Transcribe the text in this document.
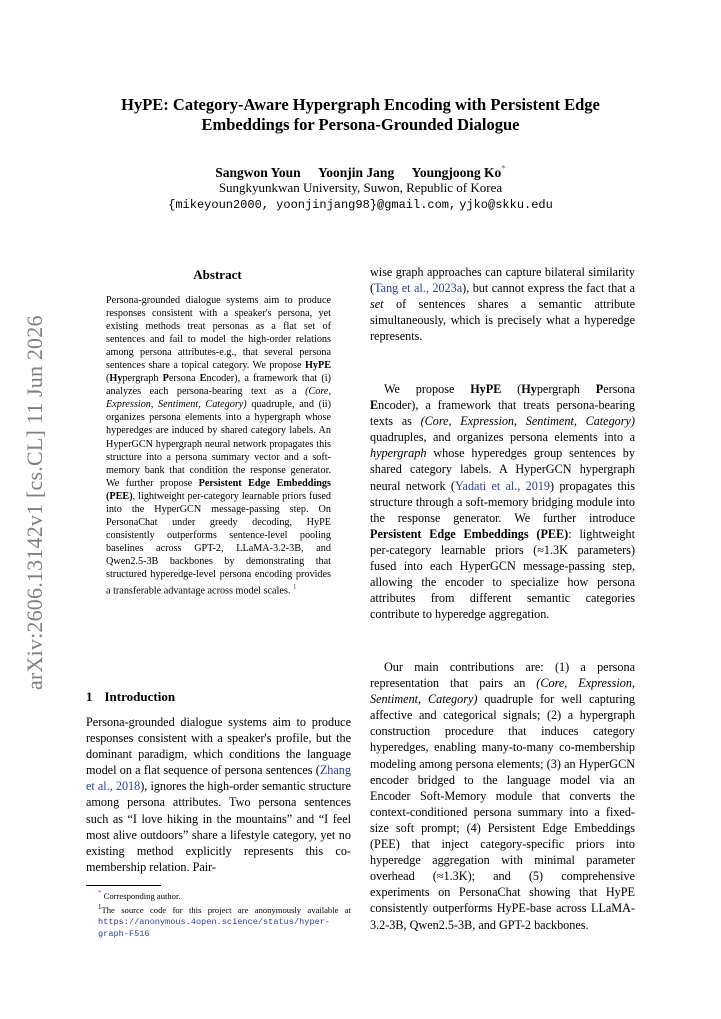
arXiv:2606.13142v1 [cs.CL] 11 Jun 2026
HyPE: Category-Aware Hypergraph Encoding with Persistent Edge
Embeddings for Persona-Grounded Dialogue
Sangwon Youn Yoonjin Jang Youngjoong Ko*
Sungkyunkwan University, Suwon, Republic of Korea
{mikeyoun2000, yoonjinjang98}@gmail.com, yjko@skku.edu
Abstract
Persona-grounded dialogue systems aim to produce responses consistent with a speaker's persona, yet existing methods treat personas as a flat set of sentences and fail to model the high-order relations among persona attributes-e.g., that several persona sentences share a topical category. We propose HyPE (Hypergraph Persona Encoder), a framework that (i) analyzes each persona-bearing text as a (Core, Expression, Sentiment, Category) quadruple, and (ii) organizes persona elements into a hypergraph whose hyperedges are induced by shared category labels. An HyperGCN hypergraph neural network propagates this structure into a persona summary vector and a soft-memory bank that condition the response generator. We further propose Persistent Edge Embeddings (PEE), lightweight per-category learnable priors fused into the HyperGCN message-passing step. On PersonaChat under greedy decoding, HyPE consistently outperforms sentence-level pooling baselines across GPT-2, LLaMA-3.2-3B, and Qwen2.5-3B backbones by demonstrating that structured hyperedge-level persona encoding provides a transferable advantage across model scales. $^1$
1 Introduction
Persona-grounded dialogue systems aim to produce responses consistent with a speaker's profile, but the dominant paradigm, which conditions the language model on a flat sequence of persona sentences (Zhang et al., 2018), ignores the high-order semantic structure among persona attributes. Two persona sentences such as “I love hiking in the mountains” and “I feel most alive outdoors” share a lifestyle category, yet no existing method explicitly represents this co-membership relation. Pair-
* Corresponding author.
$^1$The source code for this project are anonymously available at https://anonymous.4open.science/status/hyper-graph-F516
wise graph approaches can capture bilateral similarity (Tang et al., 2023a), but cannot express the fact that a set of sentences shares a semantic attribute simultaneously, which is precisely what a hyperedge represents.
We propose HyPE (Hypergraph Persona Encoder), a framework that treats persona-bearing texts as (Core, Expression, Sentiment, Category) quadruples, and organizes persona elements into a hypergraph whose hyperedges group sentences by shared category labels. A HyperGCN hypergraph neural network (Yadati et al., 2019) propagates this structure through a soft-memory bridging module into the response generator. We further introduce Persistent Edge Embeddings (PEE): lightweight per-category learnable priors (≈1.3K parameters) fused into each HyperGCN message-passing step, allowing the encoder to specialize how persona attributes from different semantic categories contribute to hyperedge aggregation.
Our main contributions are: (1) a persona representation that pairs an (Core, Expression, Sentiment, Category) quadruple for well capturing affective and categorical signals; (2) a hypergraph construction procedure that induces category hyperedges, enabling many-to-many co-membership modeling among persona elements; (3) an HyperGCN encoder bridged to the language model via an Encoder Soft-Memory module that converts the context-conditioned persona summary into a fixed-size soft prompt; (4) Persistent Edge Embeddings (PEE) that inject category-specific priors into hyperedge aggregation with minimal parameter overhead (≈1.3K); and (5) comprehensive experiments on PersonaChat showing that HyPE consistently outperforms HyPE-base across LLaMA-3.2-3B, Qwen2.5-3B, and GPT-2 backbones.
